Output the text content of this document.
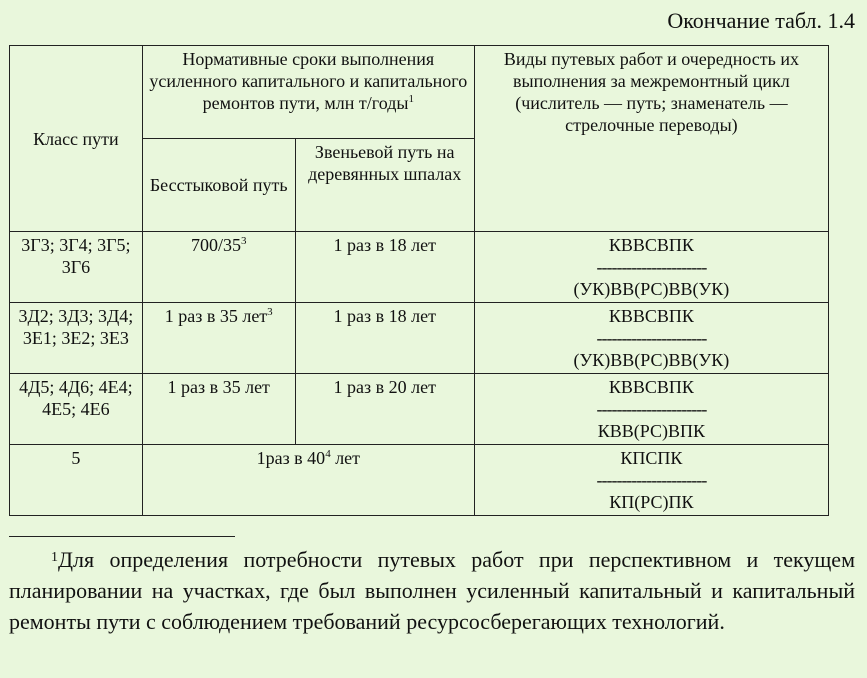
Окончание табл. 1.4
Класс пути	Нормативные сроки выполнения усиленного капитального и капитального ремонтов пути, млн т/годы$^1$		Виды путевых работ и очередность их выполнения за межремонтный цикл (числитель — путь; знаменатель — стрелочные переводы)
	Бесстыковой путь	Звеньевой путь на деревянных шпалах	
3Г3; 3Г4; 3Г5; 3Г6	$700/35^3$	1 раз в 18 лет	КВВСВПК
----------------------
(УК)ВВ(РС)ВВ(УК)

3Д2; 3Д3; 3Д4; 3Е1; 3Е2; 3Е3	1 раз в 35 лет$^3$	1 раз в 18 лет	КВВСВПК
----------------------
(УК)ВВ(РС)ВВ(УК)

4Д5; 4Д6; 4Е4; 4Е5; 4Е6	1 раз в 35 лет	1 раз в 20 лет	КВВСВПК
----------------------
КВВ(РС)ВПК

5	1раз в $40^4$ лет		КПСПК
----------------------
КП(РС)ПК
$^1$Для определения потребности путевых работ при перспективном и текущем планировании на участках, где был выполнен усиленный капитальный и капитальный ремонты пути с соблюдением требований ресурсосберегающих технологий.
